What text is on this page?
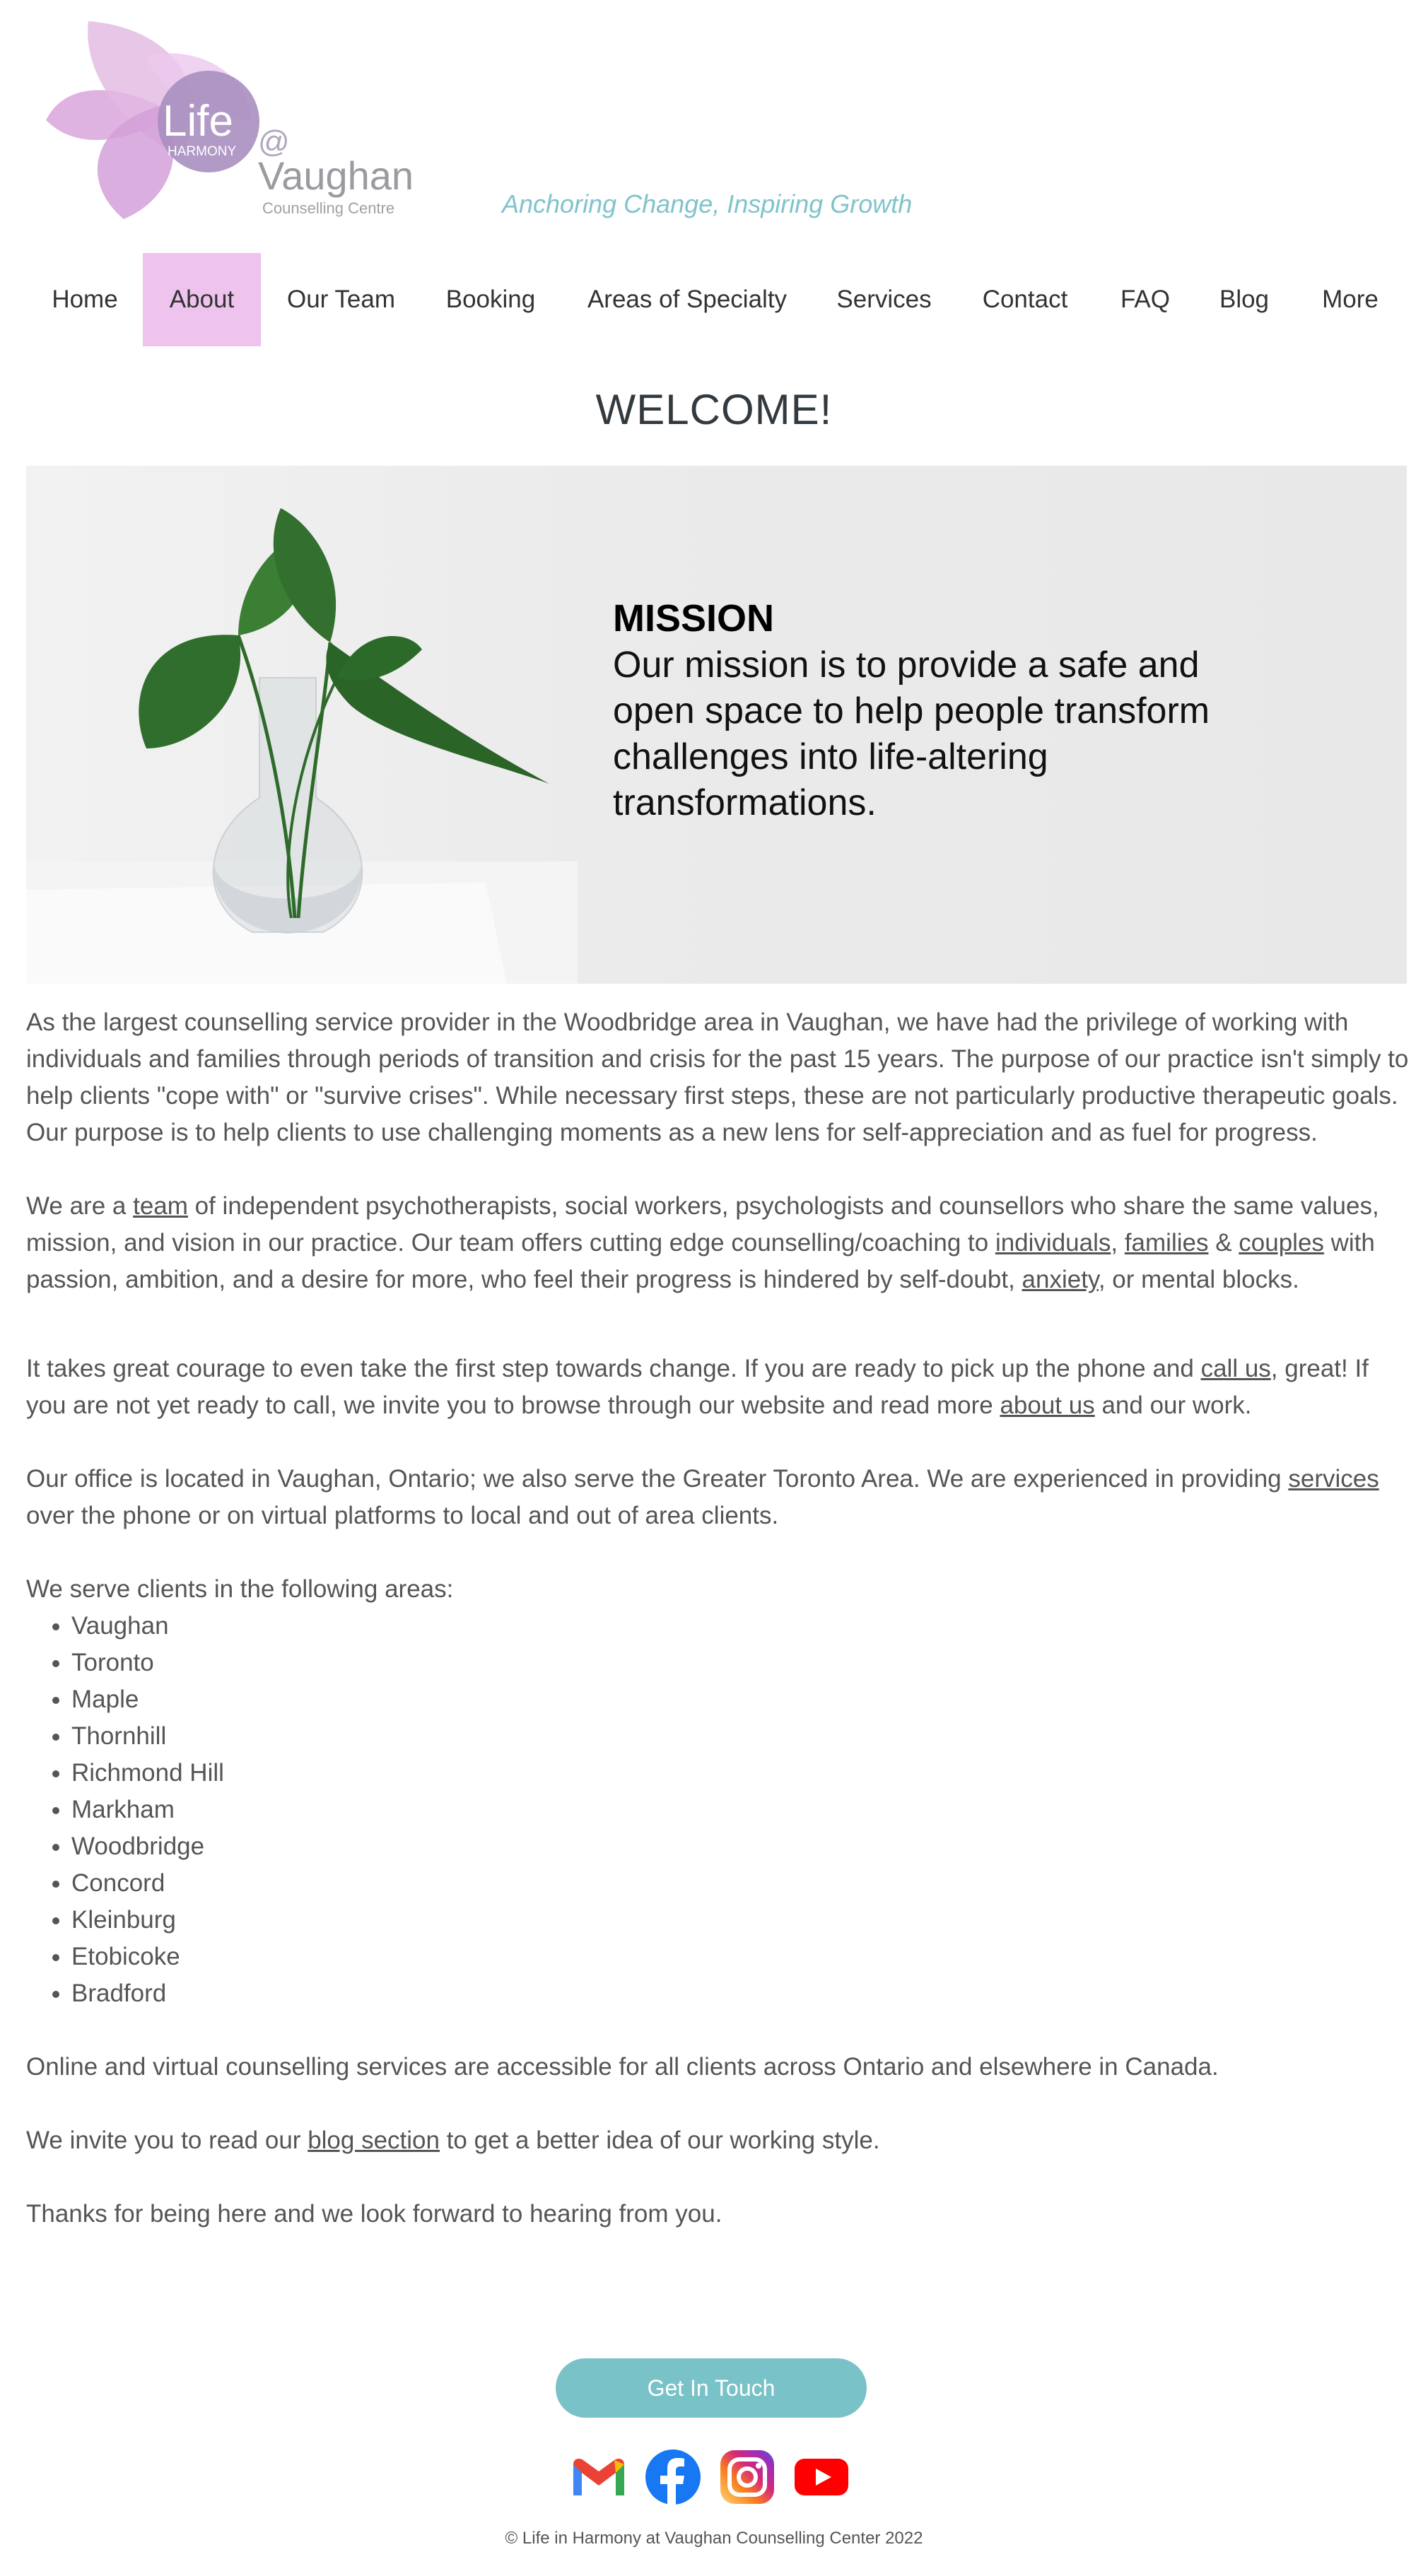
Life
HARMONY @
Vaughan
Counselling Centre	Anchoring Change, Inspiring Growth
Home	About	Our Team	Booking	Areas of Specialty	Services	Contact	FAQ	Blog	More
WELCOME!
MISSION
Our mission is to provide a safe and open space to help people transform challenges into life-altering transformations.

As the largest counselling service provider in the Woodbridge area in Vaughan, we have had the privilege of working with individuals and families through periods of transition and crisis for the past 15 years. The purpose of our practice isn't simply to help clients "cope with" or "survive crises". While necessary first steps, these are not particularly productive therapeutic goals. Our purpose is to help clients to use challenging moments as a new lens for self-appreciation and as fuel for progress.

We are a team of independent psychotherapists, social workers, psychologists and counsellors who share the same values, mission, and vision in our practice. Our team offers cutting edge counselling/coaching to individuals, families & couples with passion, ambition, and a desire for more, who feel their progress is hindered by self-doubt, anxiety, or mental blocks.

It takes great courage to even take the first step towards change. If you are ready to pick up the phone and call us, great! If you are not yet ready to call, we invite you to browse through our website and read more about us and our work.

Our office is located in Vaughan, Ontario; we also serve the Greater Toronto Area. We are experienced in providing services over the phone or on virtual platforms to local and out of area clients.

We serve clients in the following areas:

• Vaughan
• Toronto
• Maple
• Thornhill
• Richmond Hill
• Markham
• Woodbridge
• Concord
• Kleinburg
• Etobicoke
• Bradford

Online and virtual counselling services are accessible for all clients across Ontario and elsewhere in Canada.

We invite you to read our blog section to get a better idea of our working style.

Thanks for being here and we look forward to hearing from you.

Get In Touch
© Life in Harmony at Vaughan Counselling Center 2022
